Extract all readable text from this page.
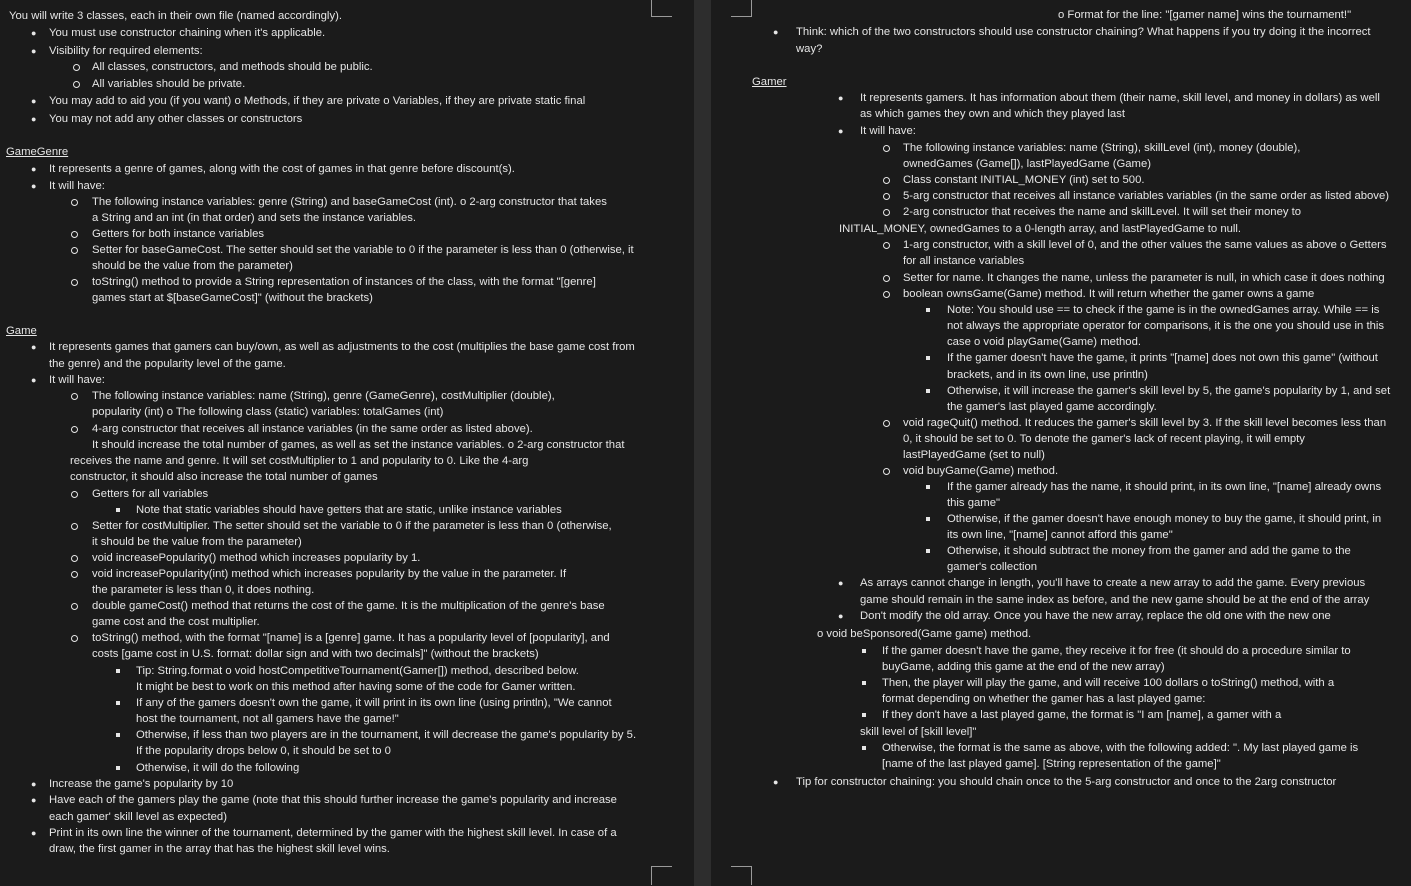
You will write 3 classes, each in their own file (named accordingly).
● You must use constructor chaining when it's applicable.
● Visibility for required elements:
All classes, constructors, and methods should be public.
All variables should be private.
● You may add to aid you (if you want) o Methods, if they are private o Variables, if they are private static final
● You may not add any other classes or constructors
GameGenre
● It represents a genre of games, along with the cost of games in that genre before discount(s).
● It will have:
The following instance variables: genre (String) and baseGameCost (int). o 2-arg constructor that takes
a String and an int (in that order) and sets the instance variables.
Getters for both instance variables
Setter for baseGameCost. The setter should set the variable to 0 if the parameter is less than 0 (otherwise, it
should be the value from the parameter)
toString() method to provide a String representation of instances of the class, with the format "[genre]
games start at $[baseGameCost]" (without the brackets)
Game
● It represents games that gamers can buy/own, as well as adjustments to the cost (multiplies the base game cost from
the genre) and the popularity level of the game.
● It will have:
The following instance variables: name (String), genre (GameGenre), costMultiplier (double),
popularity (int) o The following class (static) variables: totalGames (int)
4-arg constructor that receives all instance variables (in the same order as listed above).
It should increase the total number of games, as well as set the instance variables. o 2-arg constructor that
receives the name and genre. It will set costMultiplier to 1 and popularity to 0. Like the 4-arg
constructor, it should also increase the total number of games
Getters for all variables
Note that static variables should have getters that are static, unlike instance variables
Setter for costMultiplier. The setter should set the variable to 0 if the parameter is less than 0 (otherwise,
it should be the value from the parameter)
void increasePopularity() method which increases popularity by 1.
void increasePopularity(int) method which increases popularity by the value in the parameter. If
the parameter is less than 0, it does nothing.
double gameCost() method that returns the cost of the game. It is the multiplication of the genre's base
game cost and the cost multiplier.
toString() method, with the format "[name] is a [genre] game. It has a popularity level of [popularity], and
costs [game cost in U.S. format: dollar sign and with two decimals]" (without the brackets)
Tip: String.format o void hostCompetitiveTournament(Gamer[]) method, described below.
It might be best to work on this method after having some of the code for Gamer written.
If any of the gamers doesn't own the game, it will print in its own line (using println), "We cannot
host the tournament, not all gamers have the game!"
Otherwise, if less than two players are in the tournament, it will decrease the game's popularity by 5.
If the popularity drops below 0, it should be set to 0
Otherwise, it will do the following
● Increase the game's popularity by 10
● Have each of the gamers play the game (note that this should further increase the game's popularity and increase
each gamer' skill level as expected)
● Print in its own line the winner of the tournament, determined by the gamer with the highest skill level. In case of a
draw, the first gamer in the array that has the highest skill level wins.
o Format for the line: "[gamer name] wins the tournament!"
● Think: which of the two constructors should use constructor chaining? What happens if you try doing it the incorrect
way?
Gamer
● It represents gamers. It has information about them (their name, skill level, and money in dollars) as well
as which games they own and which they played last
● It will have:
The following instance variables: name (String), skillLevel (int), money (double),
ownedGames (Game[]), lastPlayedGame (Game)
Class constant INITIAL_MONEY (int) set to 500.
5-arg constructor that receives all instance variables variables (in the same order as listed above)
2-arg constructor that receives the name and skillLevel. It will set their money to
INITIAL_MONEY, ownedGames to a 0-length array, and lastPlayedGame to null.
1-arg constructor, with a skill level of 0, and the other values the same values as above o Getters
for all instance variables
Setter for name. It changes the name, unless the parameter is null, in which case it does nothing
boolean ownsGame(Game) method. It will return whether the gamer owns a game
Note: You should use == to check if the game is in the ownedGames array. While == is
not always the appropriate operator for comparisons, it is the one you should use in this
case o void playGame(Game) method.
If the gamer doesn't have the game, it prints "[name] does not own this game" (without
brackets, and in its own line, use println)
Otherwise, it will increase the gamer's skill level by 5, the game's popularity by 1, and set
the gamer's last played game accordingly.
void rageQuit() method. It reduces the gamer's skill level by 3. If the skill level becomes less than
0, it should be set to 0. To denote the gamer's lack of recent playing, it will empty
lastPlayedGame (set to null)
void buyGame(Game) method.
If the gamer already has the name, it should print, in its own line, "[name] already owns
this game"
Otherwise, if the gamer doesn't have enough money to buy the game, it should print, in
its own line, "[name] cannot afford this game"
Otherwise, it should subtract the money from the gamer and add the game to the
gamer's collection
● As arrays cannot change in length, you'll have to create a new array to add the game. Every previous
game should remain in the same index as before, and the new game should be at the end of the array
● Don't modify the old array. Once you have the new array, replace the old one with the new one
o void beSponsored(Game game) method.
If the gamer doesn't have the game, they receive it for free (it should do a procedure similar to
buyGame, adding this game at the end of the new array)
Then, the player will play the game, and will receive 100 dollars o toString() method, with a
format depending on whether the gamer has a last played game:
If they don't have a last played game, the format is "I am [name], a gamer with a
skill level of [skill level]"
Otherwise, the format is the same as above, with the following added: ". My last played game is
[name of the last played game]. [String representation of the game]"
● Tip for constructor chaining: you should chain once to the 5-arg constructor and once to the 2arg constructor
